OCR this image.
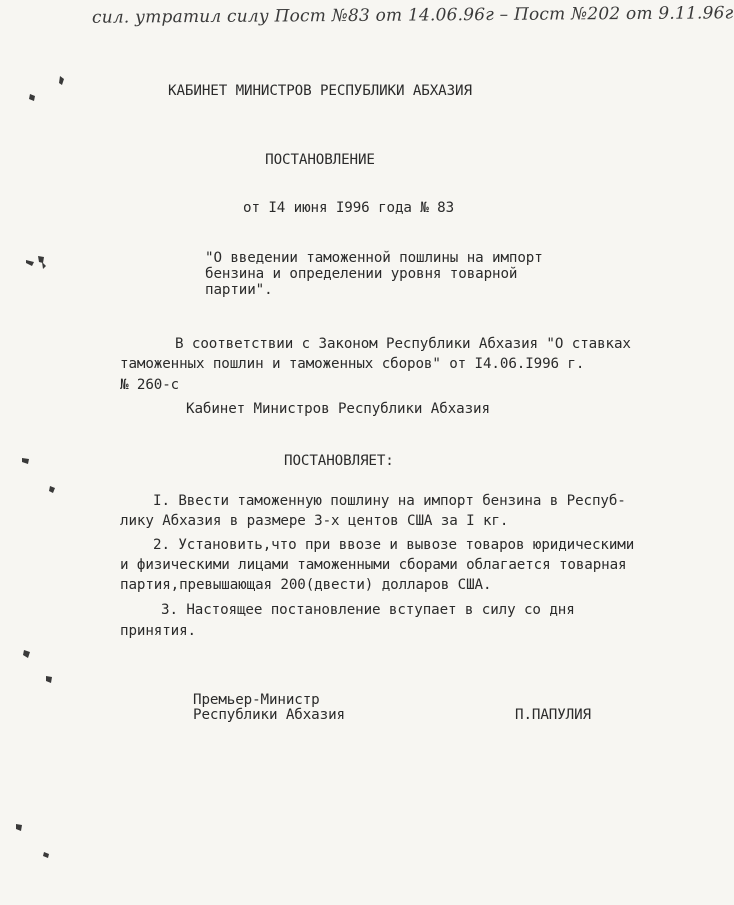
сил. утратил силу Пост №83 от 14.06.96г – Пост №202 от 9.11.96г
КАБИНЕТ МИНИСТРОВ РЕСПУБЛИКИ АБХАЗИЯ
ПОСТАНОВЛЕНИЕ
от I4 июня I996 года № 83
"О введении таможенной пошлины на импорт
бензина и определении уровня товарной
партии".
В соответствии с Законом Республики Абхазия "О ставках
таможенных пошлин и таможенных сборов" от I4.06.I996 г.
№ 260-с
Кабинет Министров Республики Абхазия
ПОСТАНОВЛЯЕТ:
I. Ввести таможенную пошлину на импорт бензина в Респуб-
лику Абхазия в размере 3-х центов США за I кг.
2. Установить,что при ввозе и вывозе товаров юридическими
и физическими лицами таможенными сборами облагается товарная
партия,превышающая 200(двести) долларов США.
3. Настоящее постановление вступает в силу со дня
принятия.
Премьер-Министр
Республики Абхазия	П.ПАПУЛИЯ
